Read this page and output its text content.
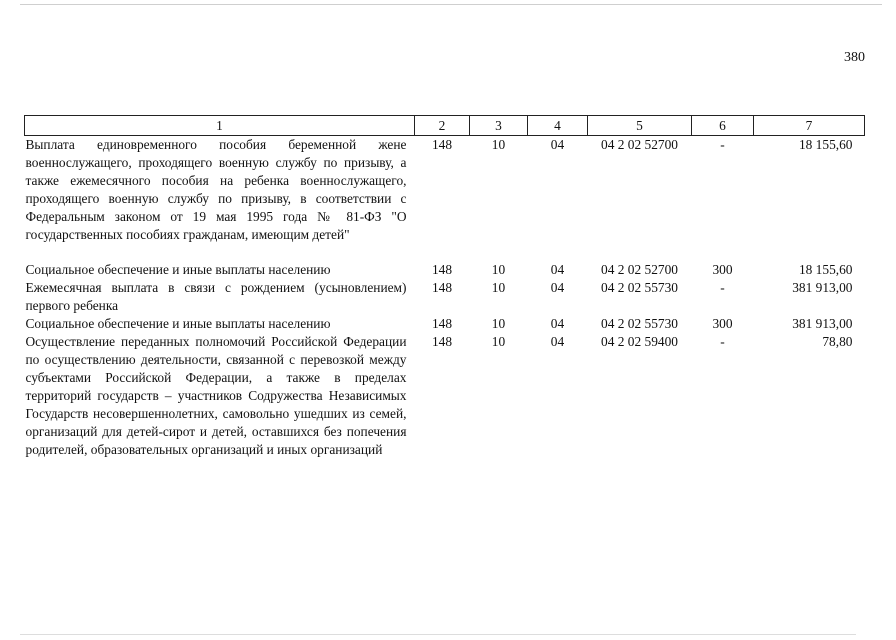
380
1	2	3	4	5	6	7
Выплата единовременного пособия беременной жене военнослужащего, проходящего военную службу по призыву, а также ежемесячного пособия на ребенка военнослужащего, проходящего военную службу по призыву, в соответствии с Федеральным законом от 19 мая 1995 года № 81-ФЗ "О государственных пособиях гражданам, имеющим детей"	148	10	04	04 2 02 52700	-	18 155,60
Социальное обеспечение и иные выплаты населению	148	10	04	04 2 02 52700	300	18 155,60
Ежемесячная выплата в связи с рождением (усыновлением) первого ребенка	148	10	04	04 2 02 55730	-	381 913,00
Социальное обеспечение и иные выплаты населению	148	10	04	04 2 02 55730	300	381 913,00
Осуществление переданных полномочий Российской Федерации по осуществлению деятельности, связанной с перевозкой между субъектами Российской Федерации, а также в пределах территорий государств – участников Содружества Независимых Государств несовершеннолетних, самовольно ушедших из семей, организаций для детей-сирот и детей, оставшихся без попечения родителей, образовательных организаций и иных организаций	148	10	04	04 2 02 59400	-	78,80
